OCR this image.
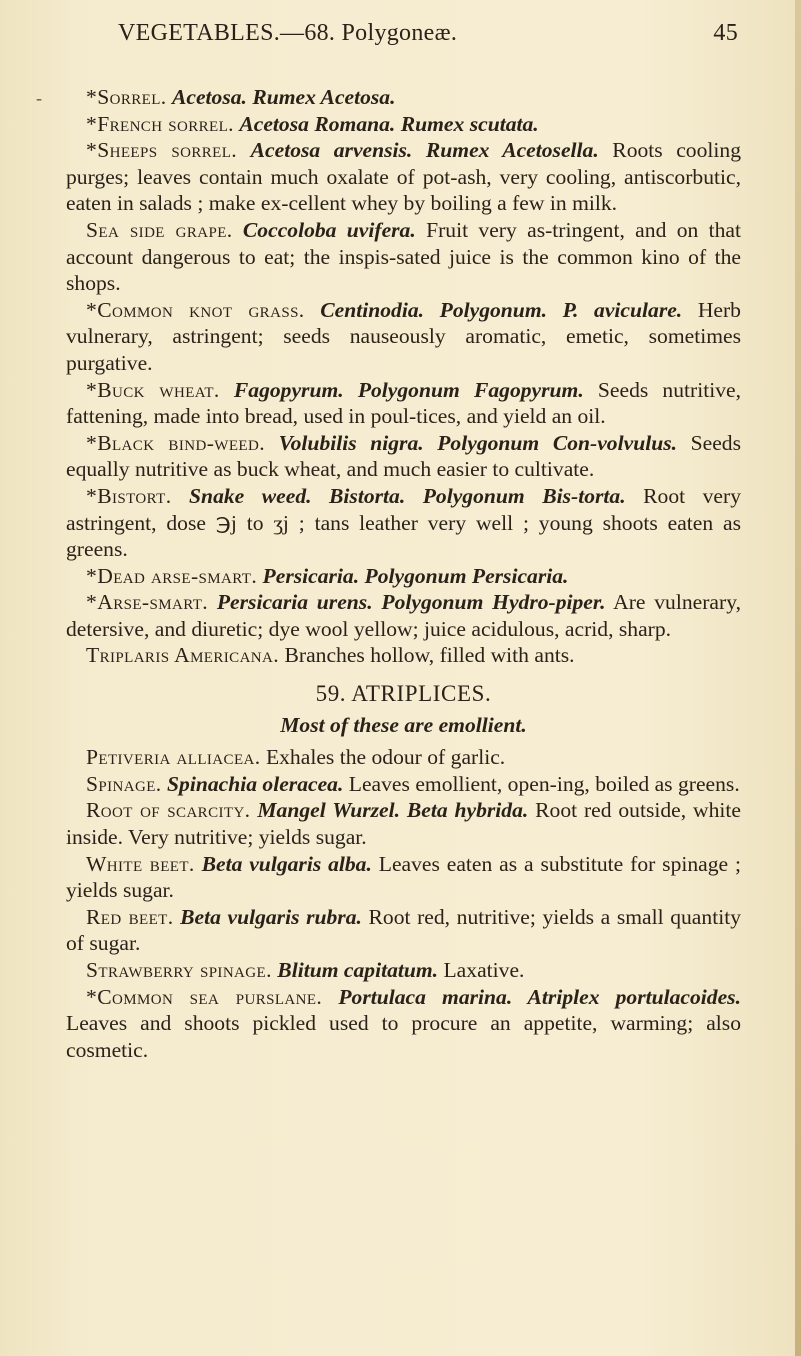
VEGETABLES.—68. Polygoneæ.	45
-	*Sorrel. Acetosa. Rumex Acetosa.

*French sorrel. Acetosa Romana. Rumex scutata.

*Sheeps sorrel. Acetosa arvensis. Rumex Acetosella. Roots cooling purges; leaves contain much oxalate of pot-ash, very cooling, antiscorbutic, eaten in salads ; make ex-cellent whey by boiling a few in milk.

Sea side grape. Coccoloba uvifera. Fruit very as-tringent, and on that account dangerous to eat; the inspis-sated juice is the common kino of the shops.

*Common knot grass. Centinodia. Polygonum. P. aviculare. Herb vulnerary, astringent; seeds nauseously aromatic, emetic, sometimes purgative.

*Buck wheat. Fagopyrum. Polygonum Fagopyrum. Seeds nutritive, fattening, made into bread, used in poul-tices, and yield an oil.

*Black bind-weed. Volubilis nigra. Polygonum Con-volvulus. Seeds equally nutritive as buck wheat, and much easier to cultivate.

*Bistort. Snake weed. Bistorta. Polygonum Bis-torta. Root very astringent, dose ℈j to ʒj ; tans leather very well ; young shoots eaten as greens.

*Dead arse-smart. Persicaria. Polygonum Persicaria.

*Arse-smart. Persicaria urens. Polygonum Hydro-piper. Are vulnerary, detersive, and diuretic; dye wool yellow; juice acidulous, acrid, sharp.

Triplaris Americana. Branches hollow, filled with ants.

59. ATRIPLICES.
Most of these are emollient.

Petiveria alliacea. Exhales the odour of garlic.

Spinage. Spinachia oleracea. Leaves emollient, open-ing, boiled as greens.

Root of scarcity. Mangel Wurzel. Beta hybrida. Root red outside, white inside. Very nutritive; yields sugar.

White beet. Beta vulgaris alba. Leaves eaten as a substitute for spinage ; yields sugar.

Red beet. Beta vulgaris rubra. Root red, nutritive; yields a small quantity of sugar.

Strawberry spinage. Blitum capitatum. Laxative.

*Common sea purslane. Portulaca marina. Atriplex portulacoides. Leaves and shoots pickled used to procure an appetite, warming; also cosmetic.
